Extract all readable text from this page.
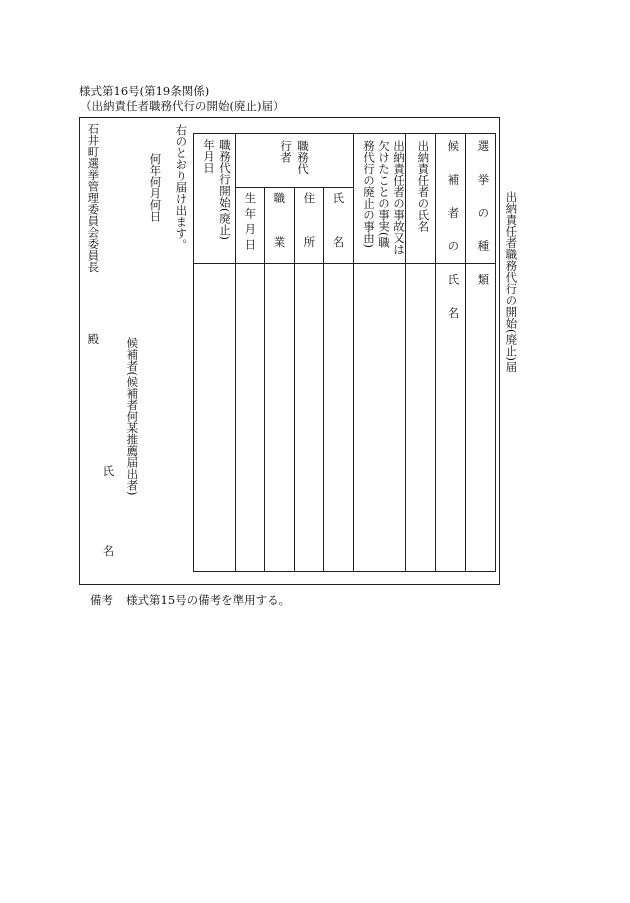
様式第16号(第19条関係)
（出納責任者職務代行の開始(廃止)届）
出納責任者職務代行の開始(廃止)届
選　挙　の　種　類
候　補　者　の　氏　名
出納責任者の氏名
出納責任者の事故又は
欠けたことの事実(職
務代行の廃止の事由)
職務代
行者
氏　名
住　所
職　業
生年月日
職務代行開始(廃止)
年月日
右のとおり届け出ます。
何年何月何日
石井町選挙管理委員会委員長
殿 候補者(候補者何某推薦届出者)
氏
名
備考 様式第15号の備考を準用する。
